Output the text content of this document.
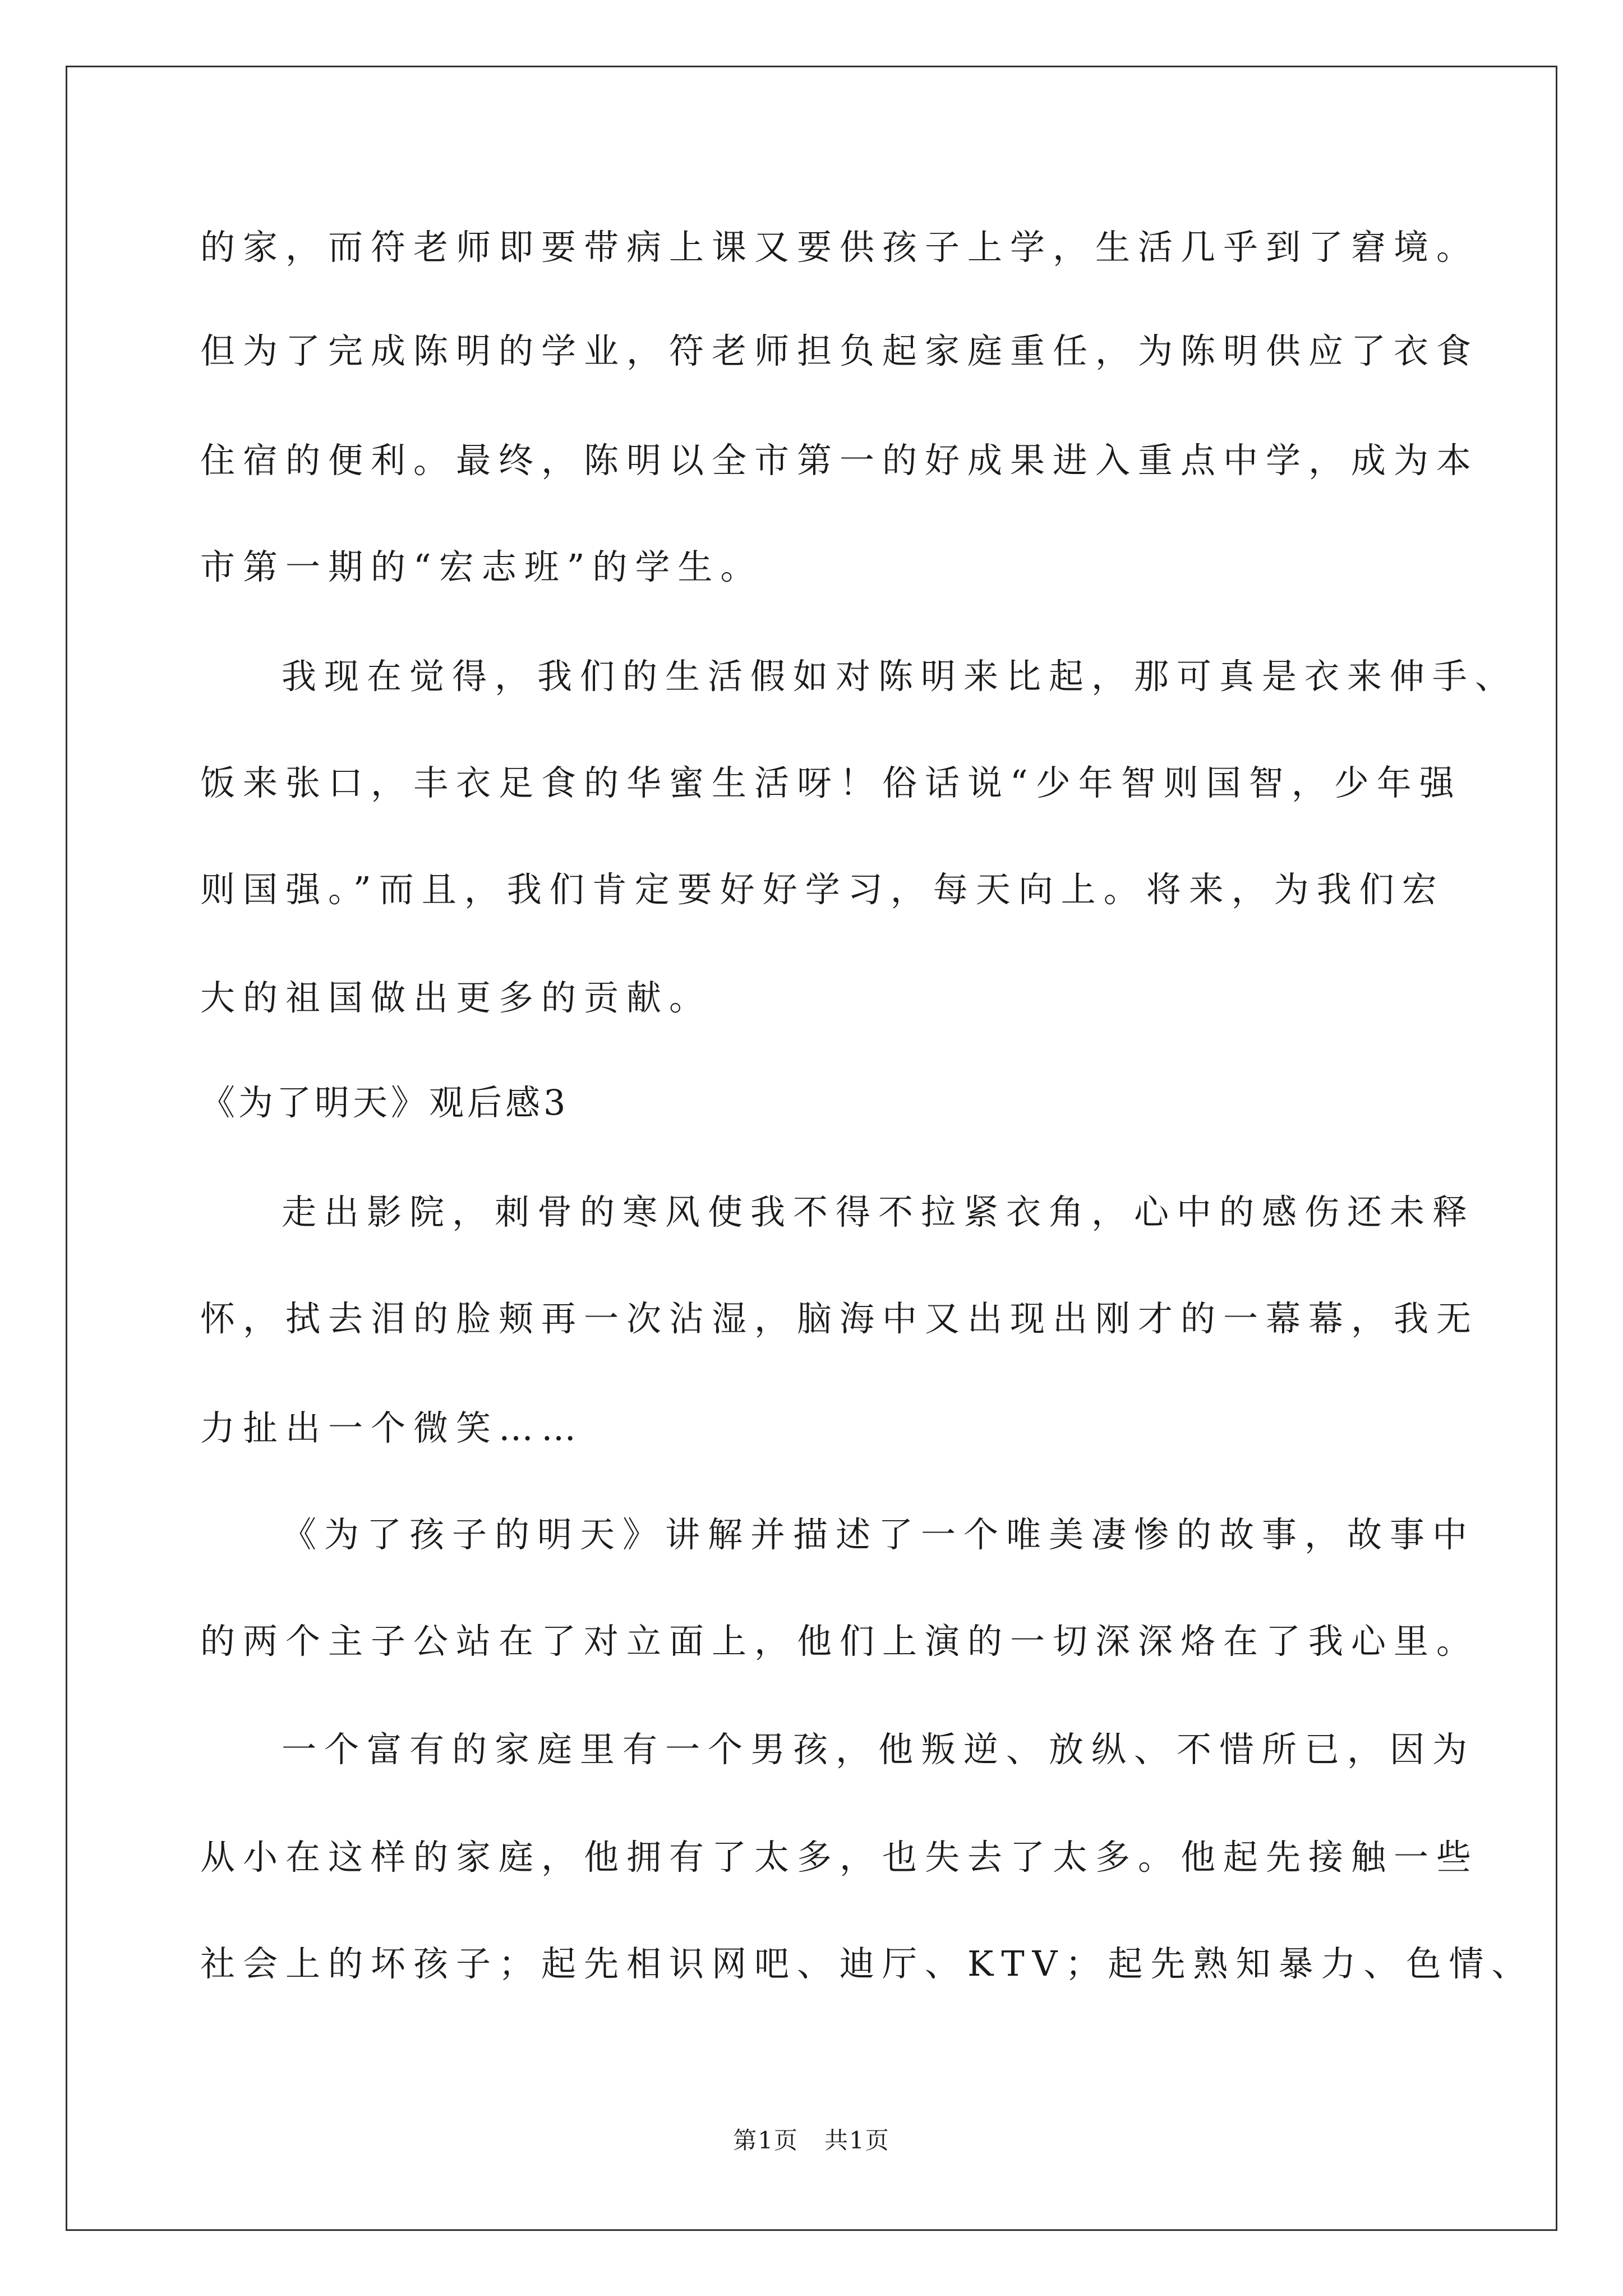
的家，而符老师即要带病上课又要供孩子上学，生活几乎到了窘境。
但为了完成陈明的学业，符老师担负起家庭重任，为陈明供应了衣食
住宿的便利。最终，陈明以全市第一的好成果进入重点中学，成为本
市第一期的“宏志班”的学生。
我现在觉得，我们的生活假如对陈明来比起，那可真是衣来伸手、
饭来张口，丰衣足食的华蜜生活呀！俗话说“少年智则国智，少年强
则国强。”而且，我们肯定要好好学习，每天向上。将来，为我们宏
大的祖国做出更多的贡献。
《为了明天》观后感3
走出影院，刺骨的寒风使我不得不拉紧衣角，心中的感伤还未释
怀，拭去泪的脸颊再一次沾湿，脑海中又出现出刚才的一幕幕，我无
力扯出一个微笑……
《为了孩子的明天》讲解并描述了一个唯美凄惨的故事，故事中
的两个主子公站在了对立面上，他们上演的一切深深烙在了我心里。
一个富有的家庭里有一个男孩，他叛逆、放纵、不惜所已，因为
从小在这样的家庭，他拥有了太多，也失去了太多。他起先接触一些
社会上的坏孩子；起先相识网吧、迪厅、KTV；起先熟知暴力、色情、
第1页   共1页
